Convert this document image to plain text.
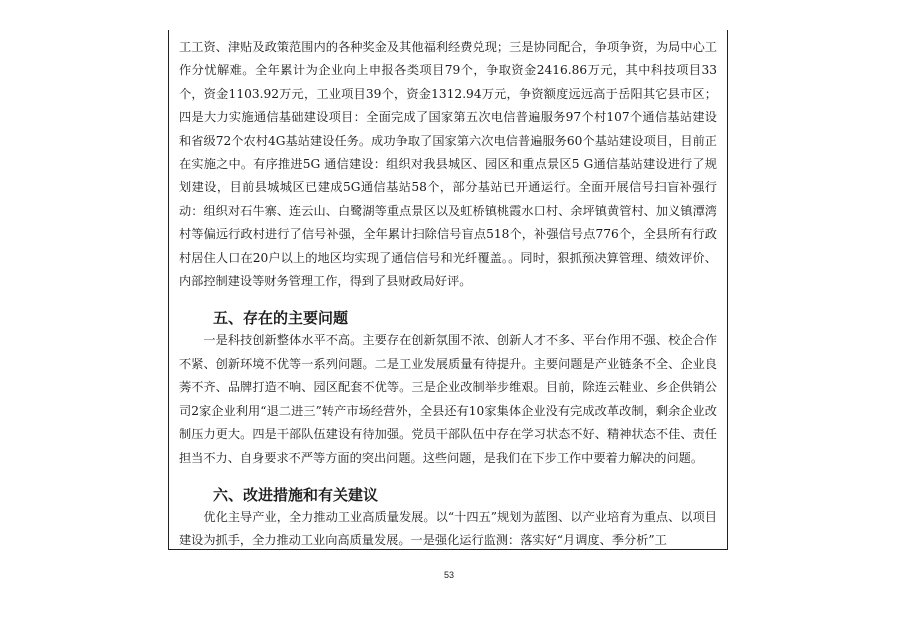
工工资、津贴及政策范围内的各种奖金及其他福利经费兑现；三是协同配合，争项争资，为局中心工作分忧解难。全年累计为企业向上申报各类项目79个，争取资金2416.86万元，其中科技项目33个，资金1103.92万元，工业项目39个，资金1312.94万元，争资额度远远高于岳阳其它县市区；四是大力实施通信基础建设项目：全面完成了国家第五次电信普遍服务97个村107个通信基站建设和省级72个农村4G基站建设任务。成功争取了国家第六次电信普遍服务60个基站建设项目，目前正在实施之中。有序推进5G 通信建设：组织对我县城区、园区和重点景区5 G通信基站建设进行了规划建设，目前县城城区已建成5G通信基站58个，部分基站已开通运行。全面开展信号扫盲补强行动：组织对石牛寨、连云山、白鹭湖等重点景区以及虹桥镇桃霞水口村、余坪镇黄管村、加义镇潭湾村等偏远行政村进行了信号补强，全年累计扫除信号盲点518个，补强信号点776个，全县所有行政村居住人口在20户以上的地区均实现了通信信号和光纤覆盖。。同时，狠抓预决算管理、绩效评价、内部控制建设等财务管理工作，得到了县财政局好评。

五、存在的主要问题

一是科技创新整体水平不高。主要存在创新氛围不浓、创新人才不多、平台作用不强、校企合作不紧、创新环境不优等一系列问题。二是工业发展质量有待提升。主要问题是产业链条不全、企业良莠不齐、品牌打造不响、园区配套不优等。三是企业改制举步维艰。目前，除连云鞋业、乡企供销公司2家企业利用“退二进三”转产市场经营外，全县还有10家集体企业没有完成改革改制，剩余企业改制压力更大。四是干部队伍建设有待加强。党员干部队伍中存在学习状态不好、精神状态不佳、责任担当不力、自身要求不严等方面的突出问题。这些问题，是我们在下步工作中要着力解决的问题。

六、改进措施和有关建议

优化主导产业，全力推动工业高质量发展。以“十四五”规划为蓝图、以产业培育为重点、以项目建设为抓手，全力推动工业向高质量发展。一是强化运行监测：落实好“月调度、季分析”工

53
